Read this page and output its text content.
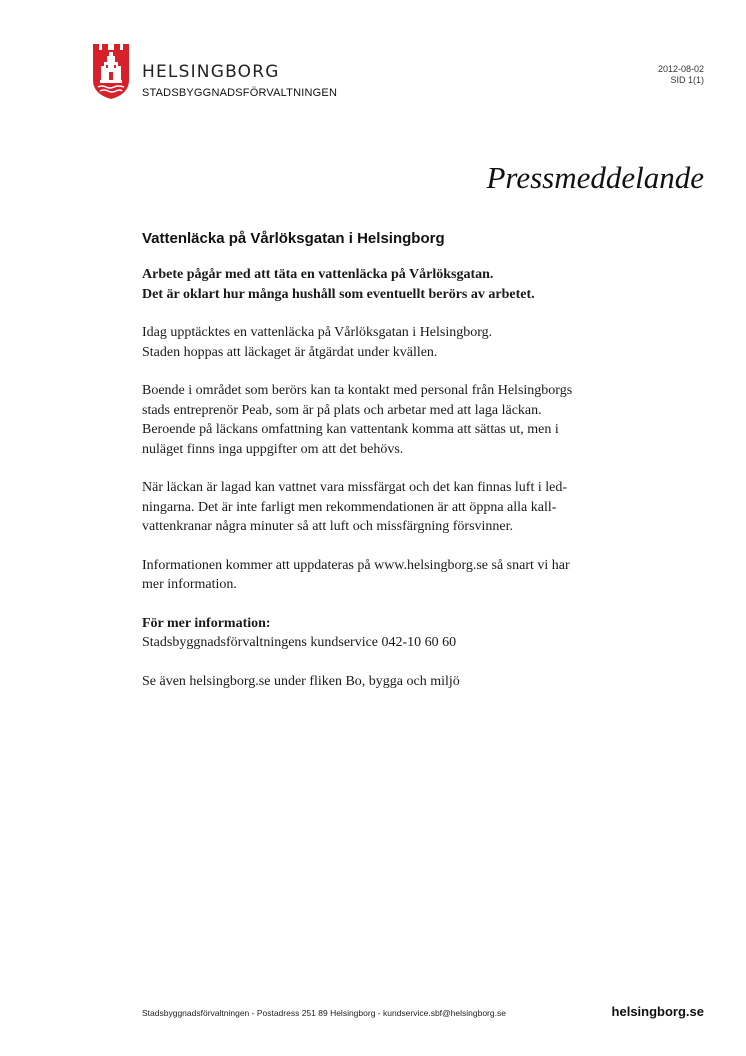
HELSINGBORG
STADSBYGGNADSFÖRVALTNINGEN
2012-08-02
SID 1(1)
Pressmeddelande
Vattenläcka på Vårlöksgatan i Helsingborg
Arbete pågår med att täta en vattenläcka på Vårlöksgatan.
Det är oklart hur många hushåll som eventuellt berörs av arbetet.
Idag upptäcktes en vattenläcka på Vårlöksgatan i Helsingborg.
Staden hoppas att läckaget är åtgärdat under kvällen.
Boende i området som berörs kan ta kontakt med personal från Helsingborgs
stads entreprenör Peab, som är på plats och arbetar med att laga läckan.
Beroende på läckans omfattning kan vattentank komma att sättas ut, men i
nuläget finns inga uppgifter om att det behövs.
När läckan är lagad kan vattnet vara missfärgat och det kan finnas luft i led-
ningarna. Det är inte farligt men rekommendationen är att öppna alla kall-
vattenkranar några minuter så att luft och missfärgning försvinner.
Informationen kommer att uppdateras på www.helsingborg.se så snart vi har
mer information.
För mer information:
Stadsbyggnadsförvaltningens kundservice 042-10 60 60
Se även helsingborg.se under fliken Bo, bygga och miljö
Stadsbyggnadsförvaltningen - Postadress 251 89 Helsingborg - kundservice.sbf@helsingborg.se	helsingborg.se
